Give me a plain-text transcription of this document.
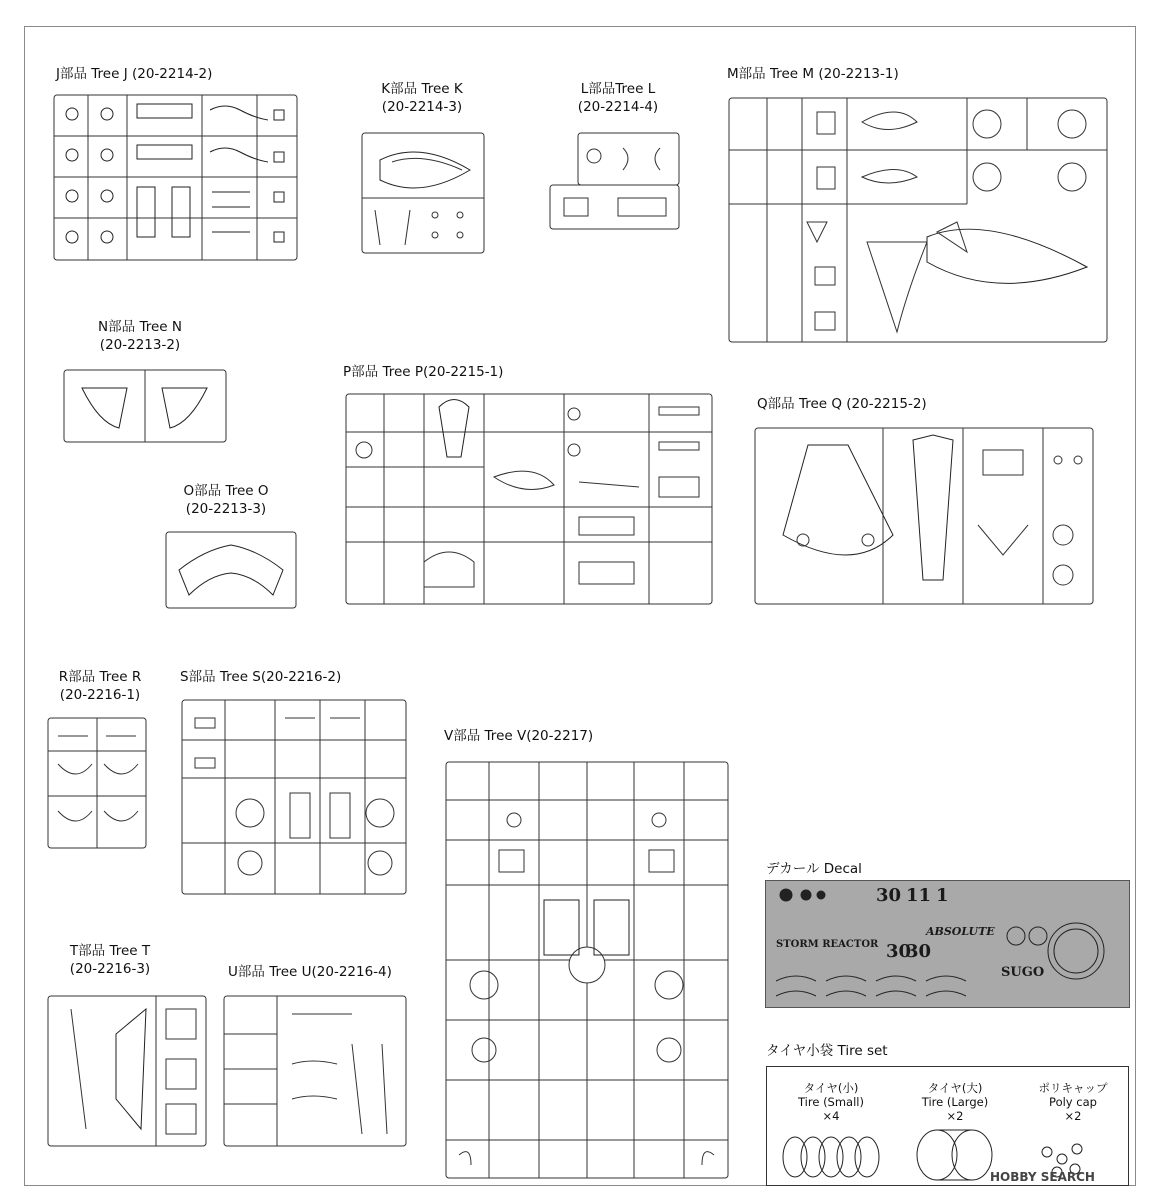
J部品 Tree J (20-2214-2)
K部品 Tree K
(20-2214-3)
L部品Tree L
(20-2214-4)
M部品 Tree M (20-2213-1)
N部品 Tree N
(20-2213-2)
P部品 Tree P(20-2215-1)
Q部品 Tree Q (20-2215-2)
O部品 Tree O
(20-2213-3)
R部品 Tree R
(20-2216-1)
S部品 Tree S(20-2216-2)
V部品 Tree V(20-2217)
T部品 Tree T
(20-2216-3)	U部品 Tree U(20-2216-4)
デカール Decal
タイヤ小袋 Tire set
30 11 1
STORM REACTOR
ABSOLUTE
SUGO
30
30
タイヤ(小)
Tire (Small)
×4
タイヤ(大)
Tire (Large)
×2
ポリキャップ
Poly cap
×2
HOBBY SEARCH
